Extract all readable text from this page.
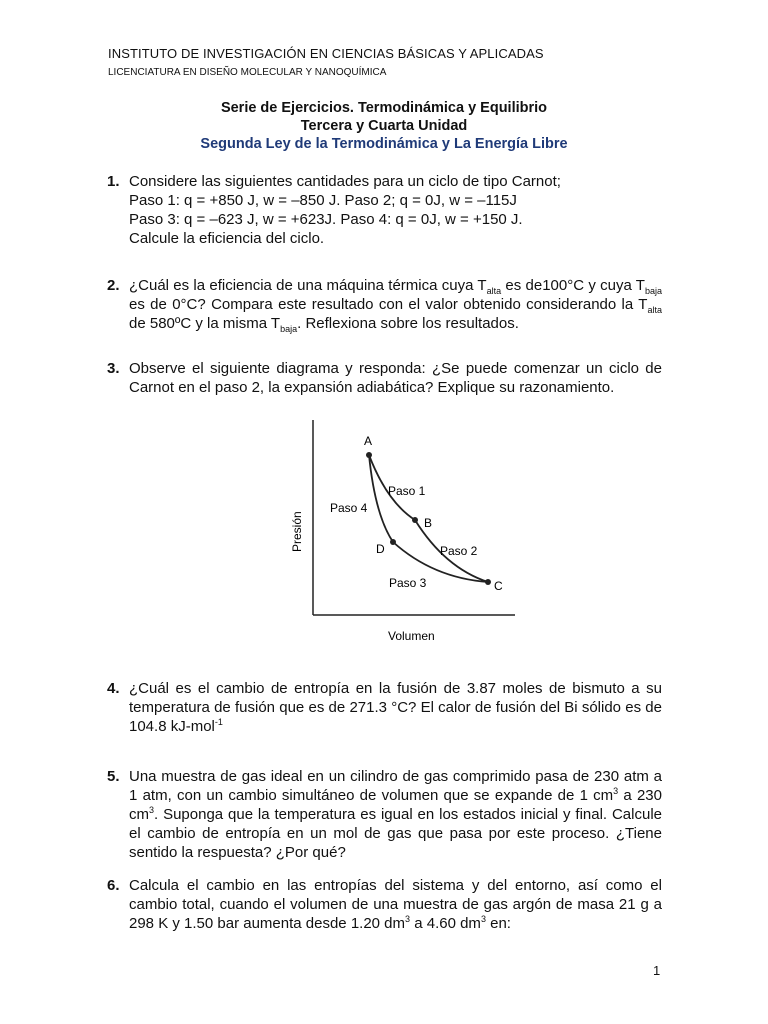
INSTITUTO DE INVESTIGACIÓN EN CIENCIAS BÁSICAS Y APLICADAS
LICENCIATURA EN DISEÑO MOLECULAR Y NANOQUÍMICA
Serie de Ejercicios. Termodinámica y Equilibrio
Tercera y Cuarta Unidad
Segunda Ley de la Termodinámica y La Energía Libre
1. Considere las siguientes cantidades para un ciclo de tipo Carnot;
Paso 1: q = +850 J, w = –850 J. Paso 2; q = 0J, w = –115J
Paso 3: q = –623 J, w = +623J. Paso 4: q = 0J, w = +150 J.
Calcule la eficiencia del ciclo.
2. ¿Cuál es la eficiencia de una máquina térmica cuya $T_{alta}$ es de100°C y cuya $T_{baja}$ es de 0°C? Compara este resultado con el valor obtenido considerando la $T_{alta}$ de 580ºC y la misma $T_{baja}$. Reflexiona sobre los resultados.
3. Observe el siguiente diagrama y responda: ¿Se puede comenzar un ciclo de Carnot en el paso 2, la expansión adiabática? Explique su razonamiento.
A
B
C
D
Paso 1
Paso 2
Paso 3
Paso 4
Volumen
Presión
4. ¿Cuál es el cambio de entropía en la fusión de 3.87 moles de bismuto a su temperatura de fusión que es de 271.3 °C? El calor de fusión del Bi sólido es de 104.8 kJ-mol$^{-1}$
5. Una muestra de gas ideal en un cilindro de gas comprimido pasa de 230 atm a 1 atm, con un cambio simultáneo de volumen que se expande de 1 $cm^3$ a 230 $cm^3$. Suponga que la temperatura es igual en los estados inicial y final. Calcule el cambio de entropía en un mol de gas que pasa por este proceso. ¿Tiene sentido la respuesta? ¿Por qué?
6. Calcula el cambio en las entropías del sistema y del entorno, así como el cambio total, cuando el volumen de una muestra de gas argón de masa 21 g a 298 K y 1.50 bar aumenta desde 1.20 $dm^3$ a 4.60 $dm^3$ en:
1
